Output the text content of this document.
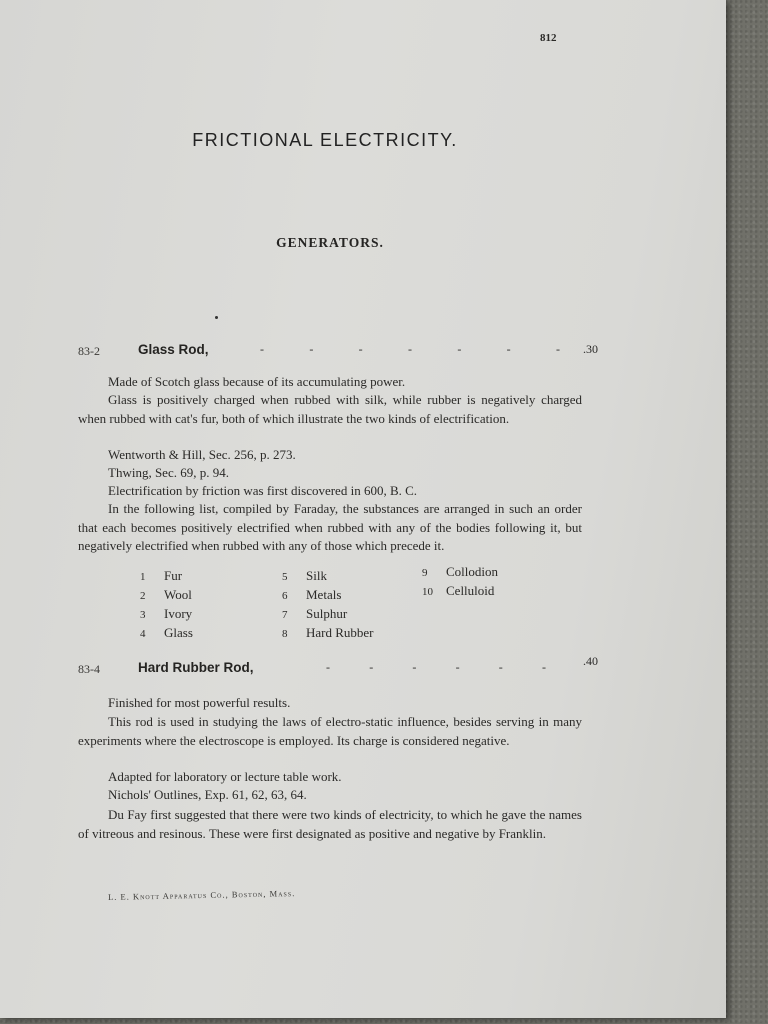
812
FRICTIONAL ELECTRICITY.
GENERATORS.
83-2	Glass Rod,	-	-	-	-	-	-	- .30

Made of Scotch glass because of its accumulating power.

Glass is positively charged when rubbed with silk, while rubber is negatively charged when rubbed with cat's fur, both of which illustrate the two kinds of electrification.

Wentworth & Hill, Sec. 256, p. 273.

Thwing, Sec. 69, p. 94.

Electrification by friction was first discovered in 600, B. C.

In the following list, compiled by Faraday, the substances are arranged in such an order that each becomes positively electrified when rubbed with any of the bodies following it, but negatively electrified when rubbed with any of those which precede it.

1 Fur
2 Wool
3 Ivory
4 Glass
5 Silk
6 Metals
7 Sulphur
8 Hard Rubber
9 Collodion
10 Celluloid
83-4	Hard Rubber Rod,	-	-	-	-	-	-	.40

Finished for most powerful results.

This rod is used in studying the laws of electro-static influence, besides serving in many experiments where the electroscope is employed. Its charge is considered negative.

Adapted for laboratory or lecture table work.

Nichols' Outlines, Exp. 61, 62, 63, 64.

Du Fay first suggested that there were two kinds of electricity, to which he gave the names of vitreous and resinous. These were first designated as positive and negative by Franklin.

L. E. Knott Apparatus Co., Boston, Mass.
